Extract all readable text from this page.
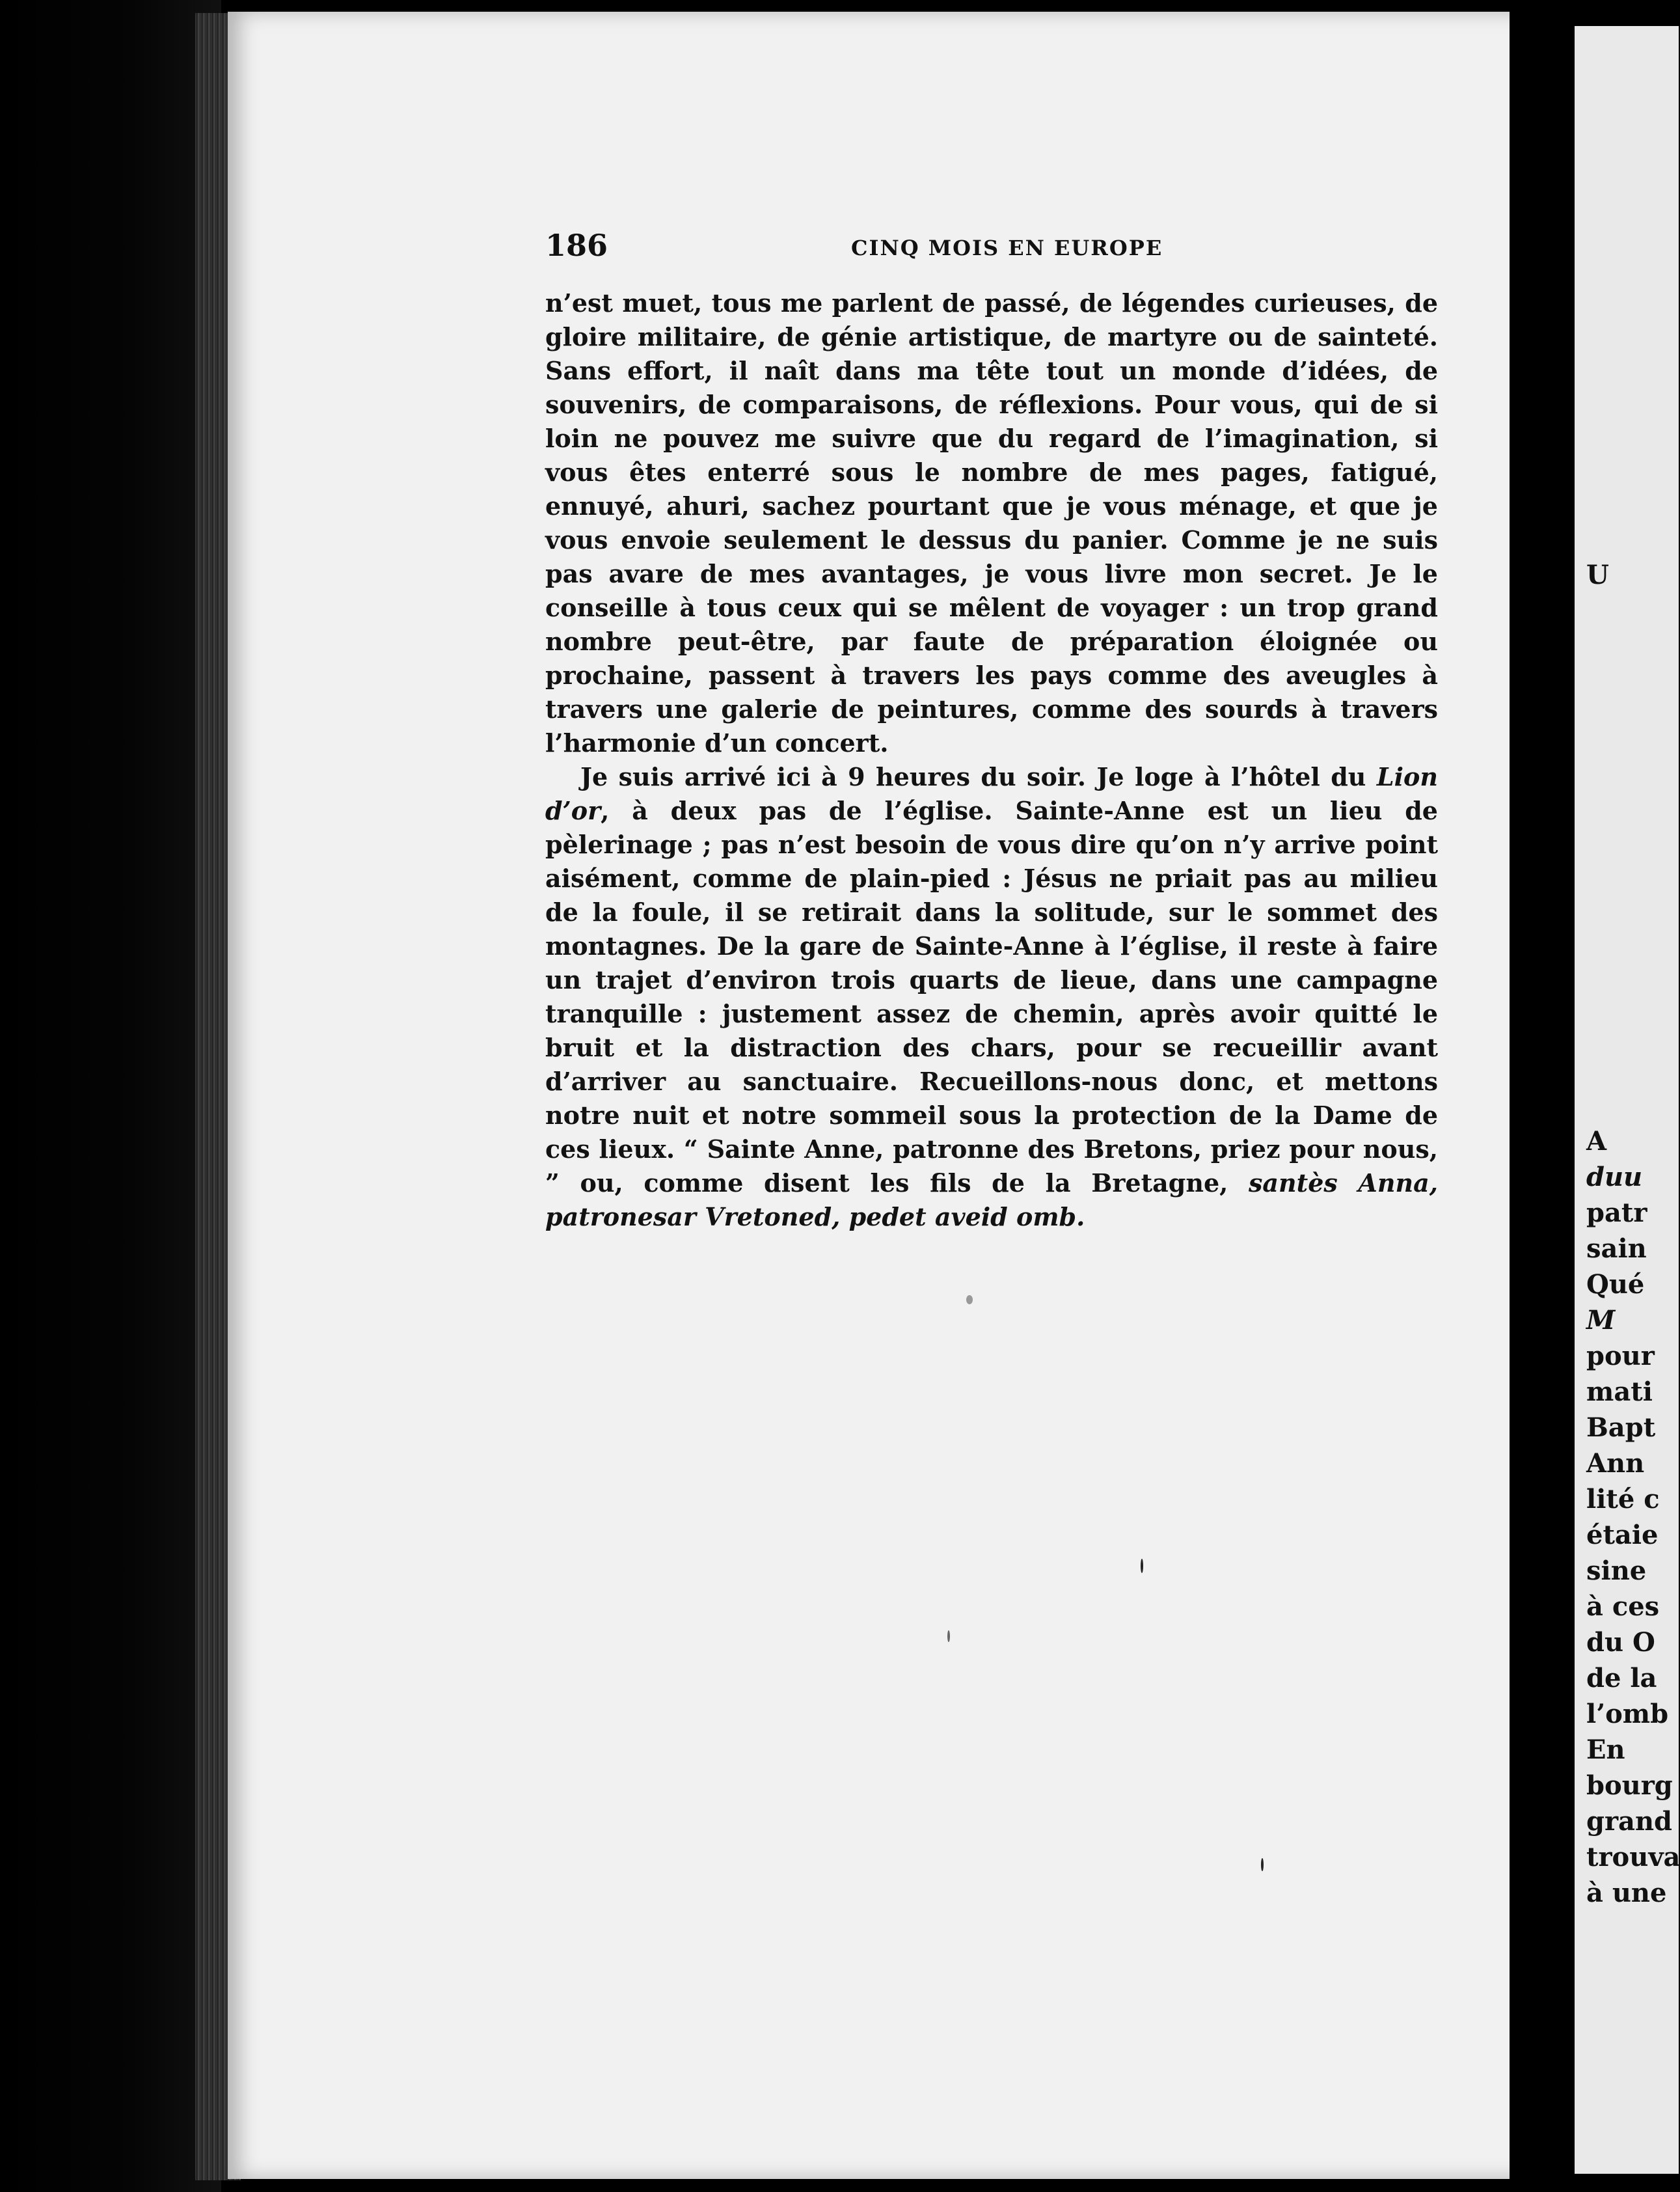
186	CINQ MOIS EN EUROPE

n’est muet, tous me parlent de passé, de légendes curieuses, de gloire militaire, de génie artistique, de martyre ou de sainteté. Sans effort, il naît dans ma tête tout un monde d’idées, de souvenirs, de comparaisons, de réflexions. Pour vous, qui de si loin ne pouvez me suivre que du regard de l’imagination, si vous êtes enterré sous le nombre de mes pages, fatigué, ennuyé, ahuri, sachez pourtant que je vous ménage, et que je vous envoie seulement le dessus du panier. Comme je ne suis pas avare de mes avantages, je vous livre mon secret. Je le conseille à tous ceux qui se mêlent de voyager : un trop grand nombre peut-être, par faute de préparation éloignée ou prochaine, passent à travers les pays comme des aveugles à travers une galerie de peintures, comme des sourds à travers l’harmonie d’un concert.

Je suis arrivé ici à 9 heures du soir. Je loge à l’hôtel du Lion d’or, à deux pas de l’église. Sainte-Anne est un lieu de pèlerinage ; pas n’est besoin de vous dire qu’on n’y arrive point aisément, comme de plain-pied : Jésus ne priait pas au milieu de la foule, il se retirait dans la solitude, sur le sommet des montagnes. De la gare de Sainte-Anne à l’église, il reste à faire un trajet d’environ trois quarts de lieue, dans une campagne tranquille : justement assez de chemin, après avoir quitté le bruit et la distraction des chars, pour se recueillir avant d’arriver au sanctuaire. Recueillons-nous donc, et mettons notre nuit et notre sommeil sous la protection de la Dame de ces lieux. “ Sainte Anne, patronne des Bretons, priez pour nous, ” ou, comme disent les fils de la Bretagne, santès Anna, patronesar Vretoned, pedet aveid omb.

U
A
duu
patr
sain
Qué
M
pour
mati
Bapt
Ann
lité c
étaie
sine
à ces
du O
de la
l’omb
En
bourg
grand
trouva
à une
